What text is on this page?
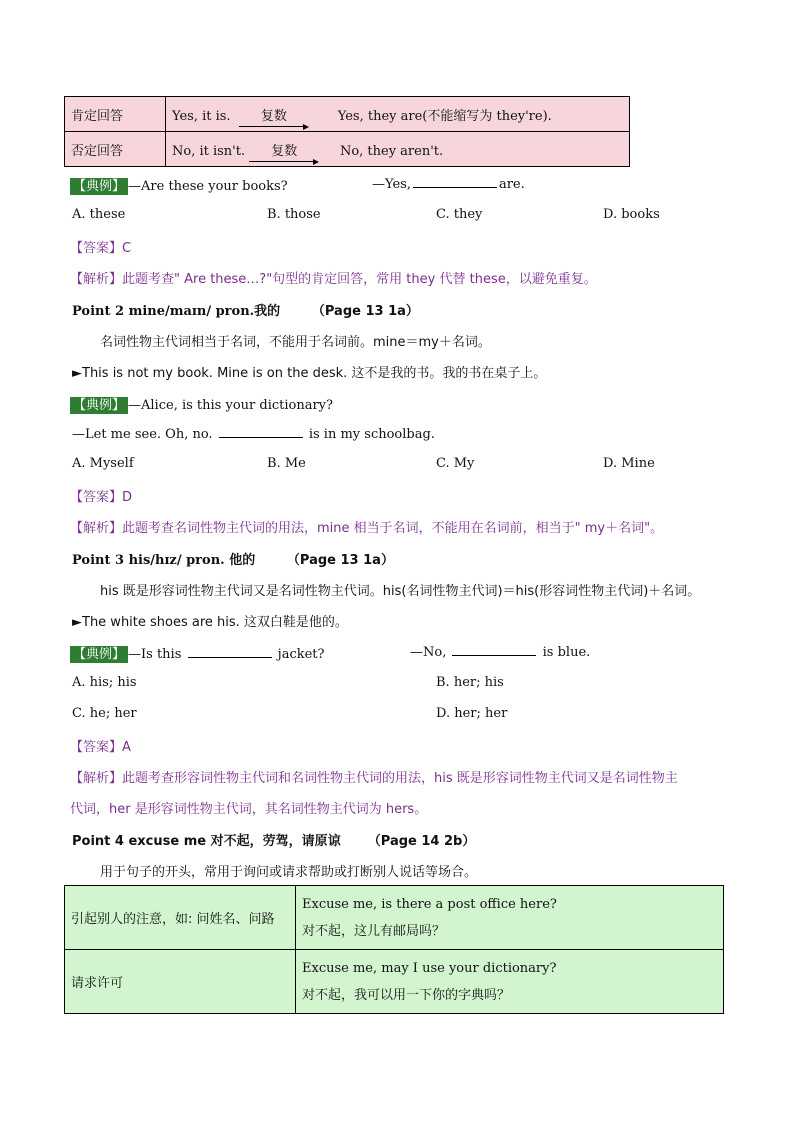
肯定回答	Yes, it is. 复数 Yes, they are(不能缩写为 they're).
否定回答	No, it isn't. 复数 No, they aren't.
【典例】 —Are these your books?	—Yes,	are.
A. these	B. those	C. they	D. books
【答案】C
【解析】此题考查" Are these…?"句型的肯定回答，常用 they 代替 these，以避免重复。
Point 2 mine/maɪn/ pron.我的 （Page 13 1a）
名词性物主代词相当于名词，不能用于名词前。mine＝my＋名词。
►This is not my book. Mine is on the desk. 这不是我的书。我的书在桌子上。
【典例】 —Alice, is this your dictionary?
—Let me see. Oh, no.	is in my schoolbag.
A. Myself	B. Me	C. My	D. Mine
【答案】D
【解析】此题考查名词性物主代词的用法，mine 相当于名词，不能用在名词前，相当于" my＋名词"。
Point 3 his/hɪz/ pron. 他的 （Page 13 1a）
his 既是形容词性物主代词又是名词性物主代词。his(名词性物主代词)＝his(形容词性物主代词)＋名词。
►The white shoes are his. 这双白鞋是他的。
【典例】 —Is this	jacket?	—No,	is blue.
A. his; his	B. her; his
C. he; her	D. her; her
【答案】A
【解析】此题考查形容词性物主代词和名词性物主代词的用法，his 既是形容词性物主代词又是名词性物主
代词，her 是形容词性物主代词，其名词性物主代词为 hers。
Point 4 excuse me 对不起，劳驾，请原谅 （Page 14 2b）
用于句子的开头，常用于询问或请求帮助或打断别人说话等场合。
引起别人的注意，如: 问姓名、问路	Excuse me, is there a post office here?
对不起，这儿有邮局吗？

请求许可	Excuse me, may I use your dictionary?
对不起，我可以用一下你的字典吗？
